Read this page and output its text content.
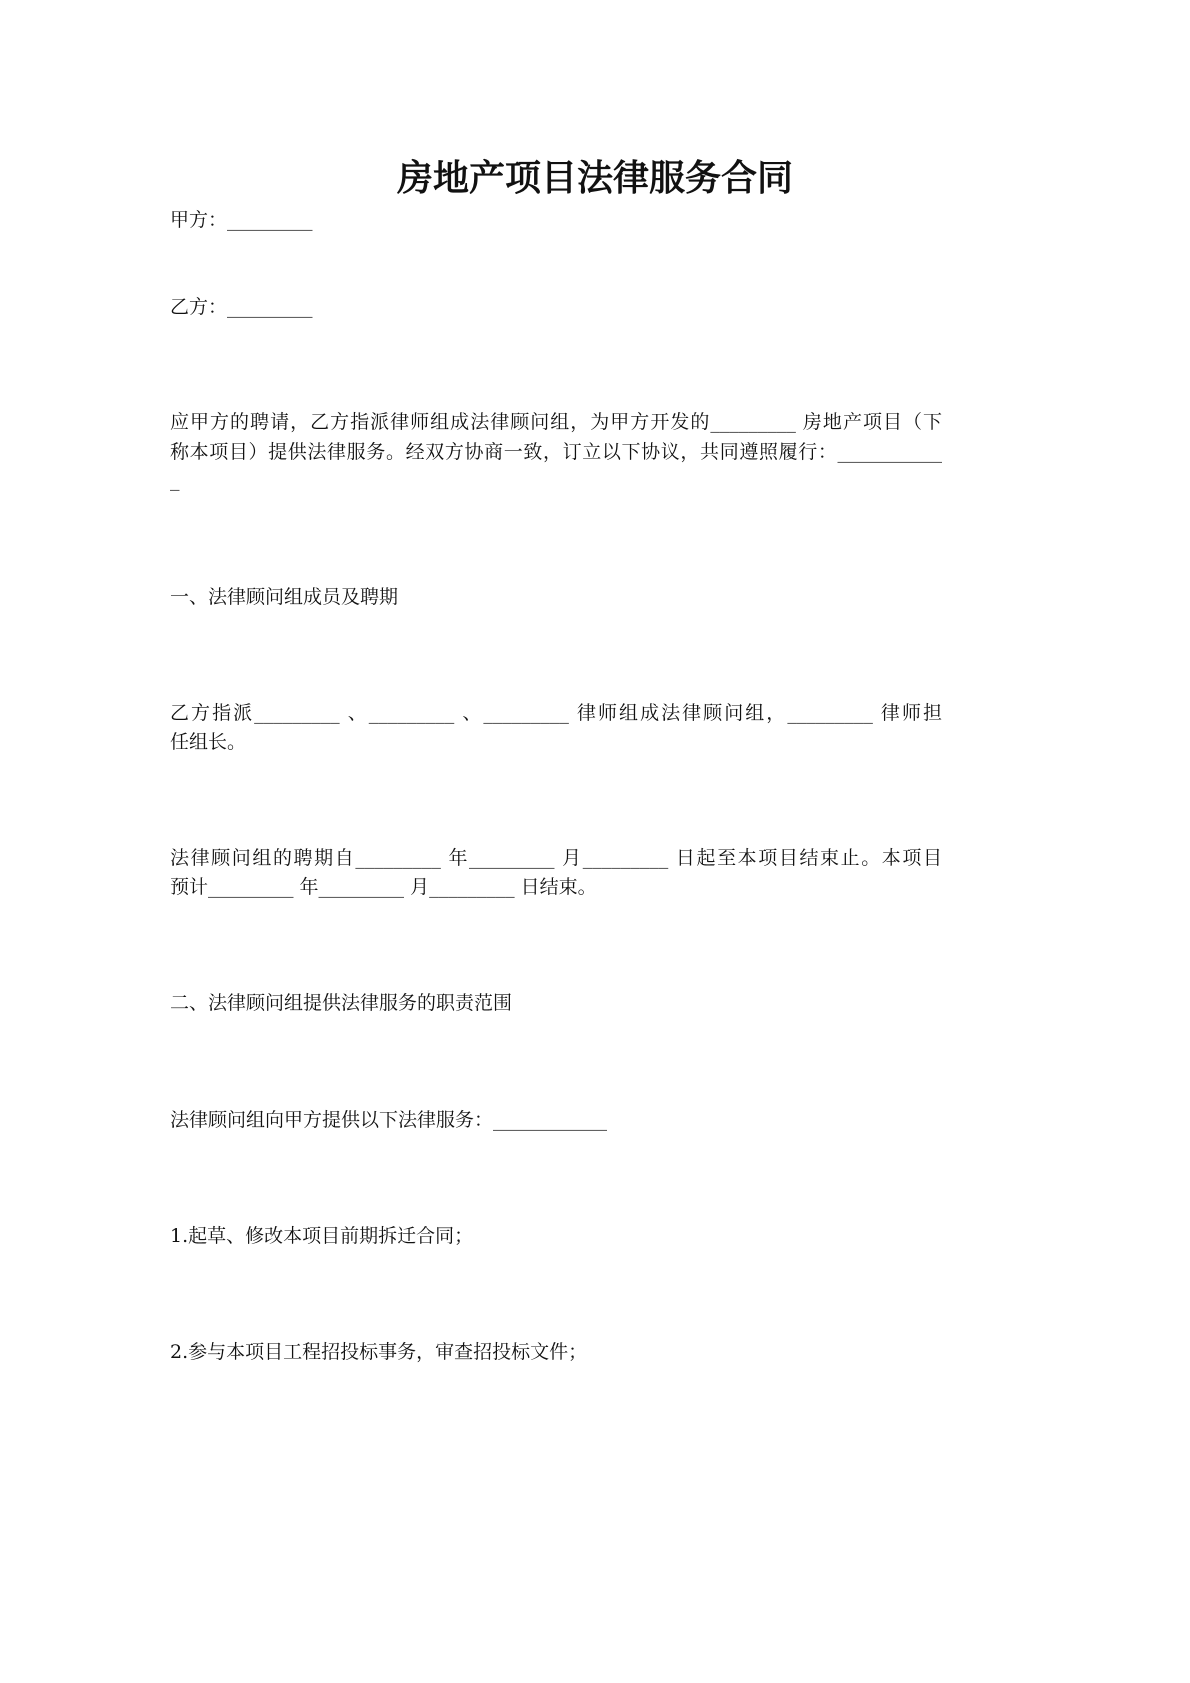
房地产项目法律服务合同
甲方：_________
乙方：_________
应甲方的聘请，乙方指派律师组成法律顾问组，为甲方开发的_________ 房地产项目（下
称本项目）提供法律服务。经双方协商一致，订立以下协议，共同遵照履行：___________
_
一、法律顾问组成员及聘期
乙方指派_________ 、_________ 、_________ 律师组成法律顾问组，_________ 律师担
任组长。
法律顾问组的聘期自_________ 年_________ 月_________ 日起至本项目结束止。本项目
预计_________ 年_________ 月_________ 日结束。
二、法律顾问组提供法律服务的职责范围
法律顾问组向甲方提供以下法律服务：____________
1.起草、修改本项目前期拆迁合同；
2.参与本项目工程招投标事务，审查招投标文件；
